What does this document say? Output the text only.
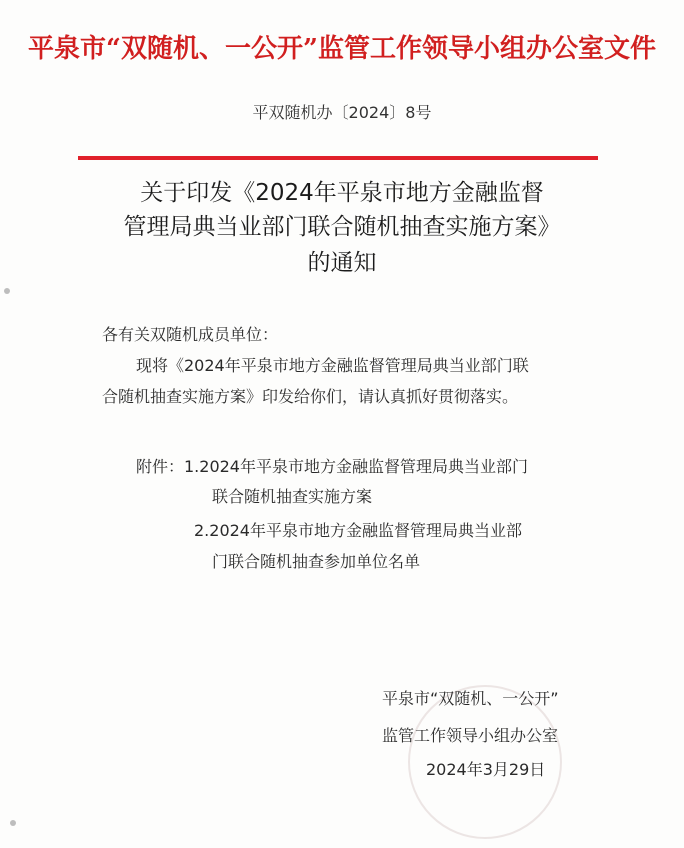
平泉市“双随机、一公开”监管工作领导小组办公室文件
平双随机办〔2024〕8号
关于印发《2024年平泉市地方金融监督
管理局典当业部门联合随机抽查实施方案》
的通知
各有关双随机成员单位：
现将《2024年平泉市地方金融监督管理局典当业部门联
合随机抽查实施方案》印发给你们，请认真抓好贯彻落实。
附件：1.2024年平泉市地方金融监督管理局典当业部门
联合随机抽查实施方案
2.2024年平泉市地方金融监督管理局典当业部
门联合随机抽查参加单位名单
平泉市“双随机、一公开”
监管工作领导小组办公室
2024年3月29日
